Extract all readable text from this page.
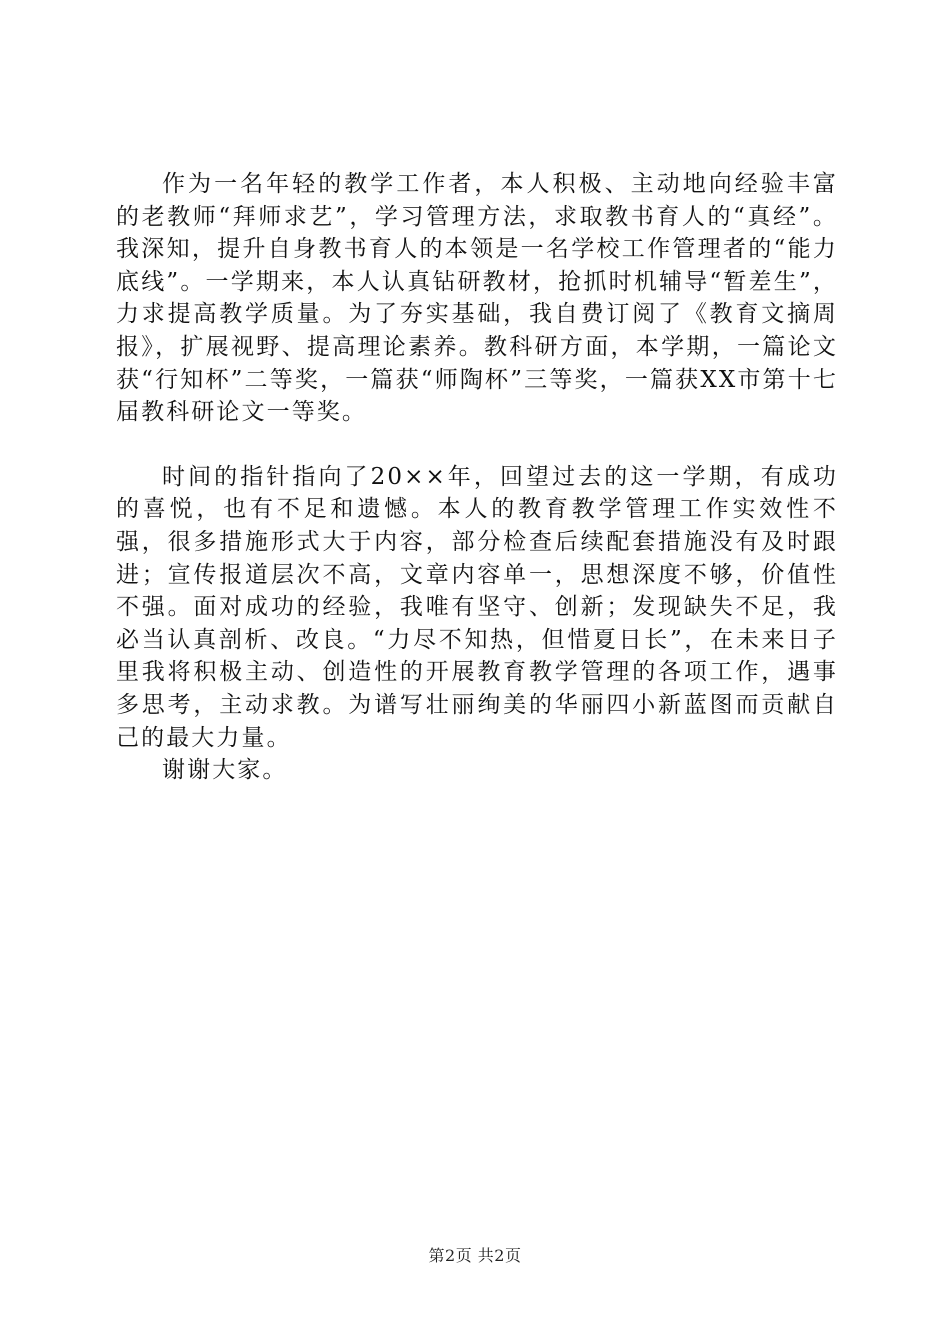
作为一名年轻的教学工作者，本人积极、主动地向经验丰富的老教师“拜师求艺”，学习管理方法，求取教书育人的“真经”。我深知，提升自身教书育人的本领是一名学校工作管理者的“能力底线”。一学期来，本人认真钻研教材，抢抓时机辅导“暂差生”，力求提高教学质量。为了夯实基础，我自费订阅了《教育文摘周报》，扩展视野、提高理论素养。教科研方面，本学期，一篇论文获“行知杯”二等奖，一篇获“师陶杯”三等奖，一篇获XX市第十七届教科研论文一等奖。

时间的指针指向了20××年，回望过去的这一学期，有成功的喜悦，也有不足和遗憾。本人的教育教学管理工作实效性不强，很多措施形式大于内容，部分检查后续配套措施没有及时跟进；宣传报道层次不高，文章内容单一，思想深度不够，价值性不强。面对成功的经验，我唯有坚守、创新；发现缺失不足，我必当认真剖析、改良。“力尽不知热，但惜夏日长”，在未来日子里我将积极主动、创造性的开展教育教学管理的各项工作，遇事多思考，主动求教。为谱写壮丽绚美的华丽四小新蓝图而贡献自己的最大力量。

谢谢大家。

第2页 共2页
